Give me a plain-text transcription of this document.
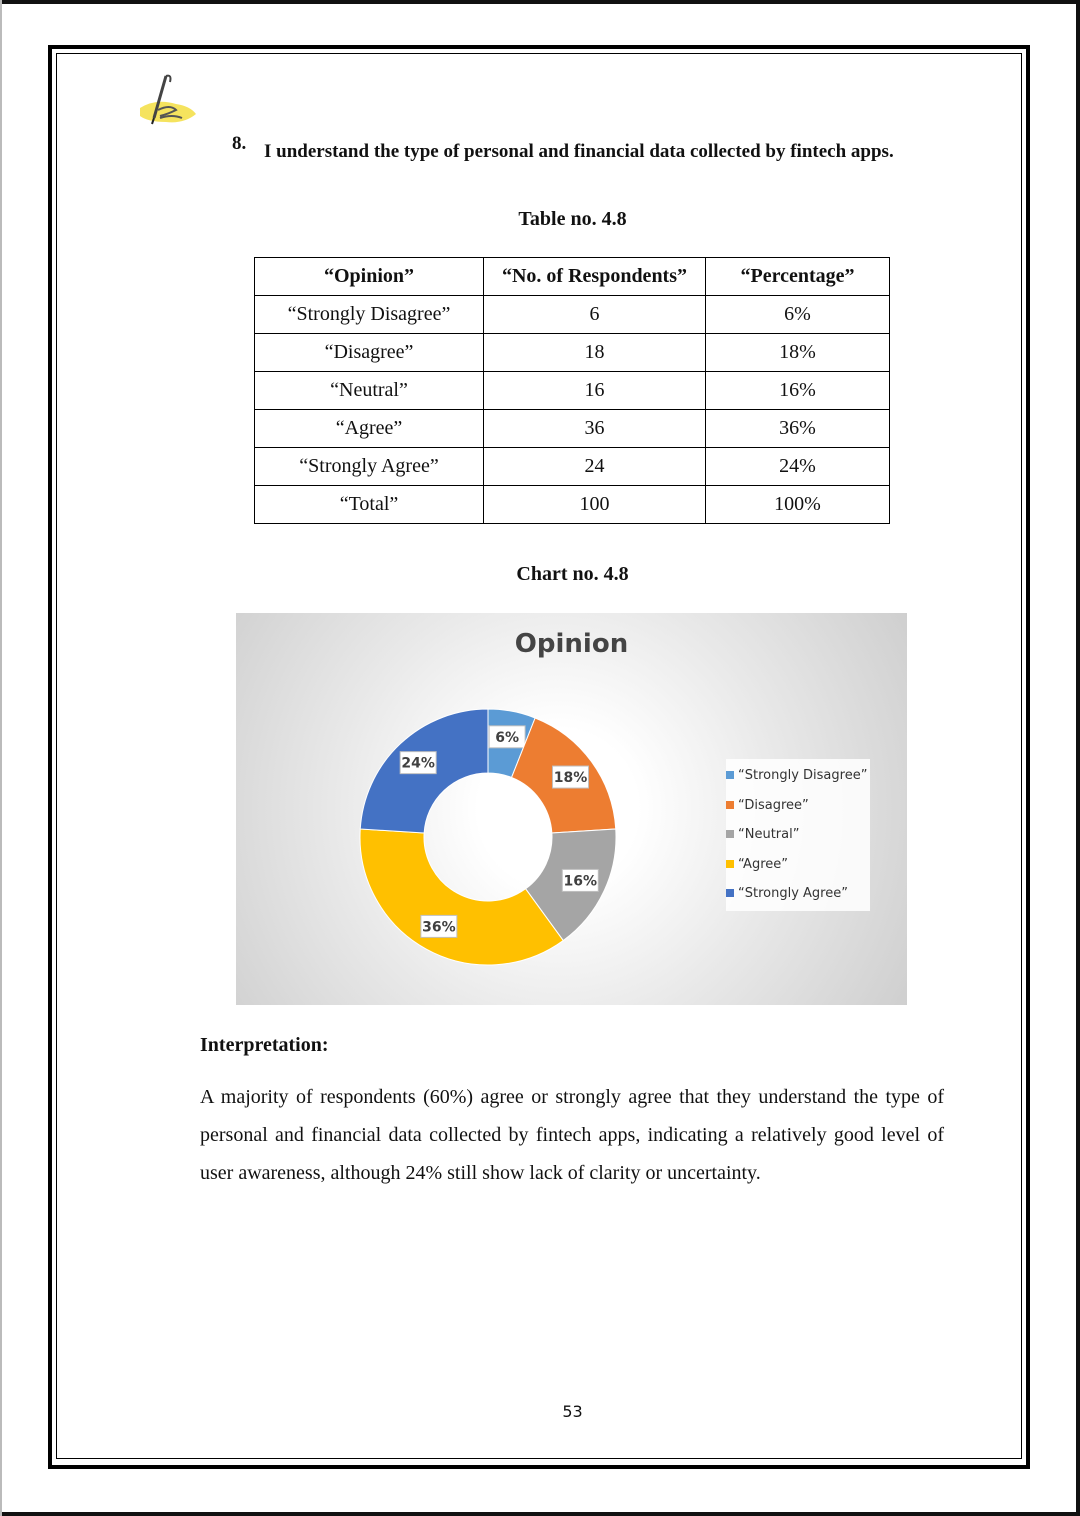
8. I understand the type of personal and financial data collected by fintech apps.
Table no. 4.8
“Opinion”	“No. of Respondents”	“Percentage”
“Strongly Disagree”	6	6%
“Disagree”	18	18%
“Neutral”	16	16%
“Agree”	36	36%
“Strongly Agree”	24	24%
“Total”	100	100%
Chart no. 4.8
Opinion
6%
18%
16%
36%
24%
“Strongly Disagree”
“Disagree”
“Neutral”
“Agree”
“Strongly Agree”
Interpretation:
A majority of respondents (60%) agree or strongly agree that they understand the type of personal and financial data collected by fintech apps, indicating a relatively good level of user awareness, although 24% still show lack of clarity or uncertainty.
53
